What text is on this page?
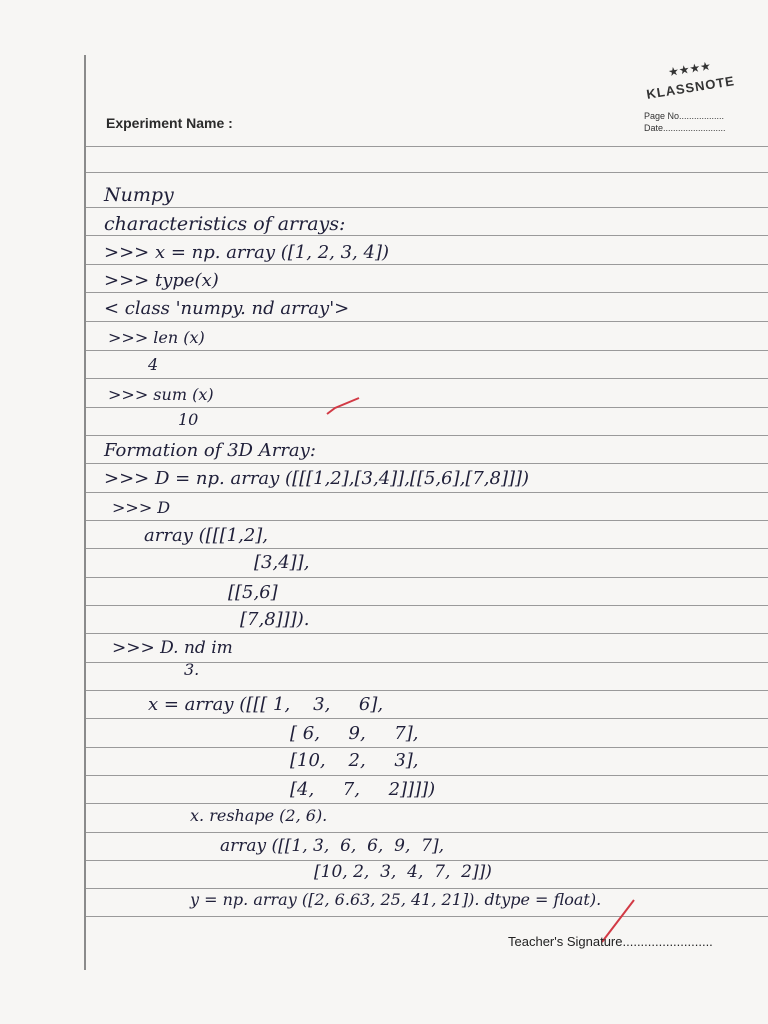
Experiment Name :
★★★★
KLASSNOTE
Page No..................
Date.........................
Numpy
characteristics of arrays:
>>> x = np. array ([1, 2, 3, 4])
>>> type(x)
< class 'numpy. nd array'>
>>> len (x)
4
>>> sum (x)
10
Formation of 3D Array:
>>> D = np. array ([[[1,2],[3,4]],[[5,6],[7,8]]])
>>> D
array ([[[1,2],
[3,4]],
[[5,6]
[7,8]]]).
>>> D. nd im
3.
x = array ([[[ 1,    3,     6],
[ 6,     9,     7],
[10,    2,     3],
[4,     7,     2]]]])
x. reshape (2, 6).
array ([[1, 3,  6,  6,  9,  7],
[10, 2,  3,  4,  7,  2]])
y = np. array ([2, 6.63, 25, 41, 21]). dtype = float).
Teacher's Signature.........................
